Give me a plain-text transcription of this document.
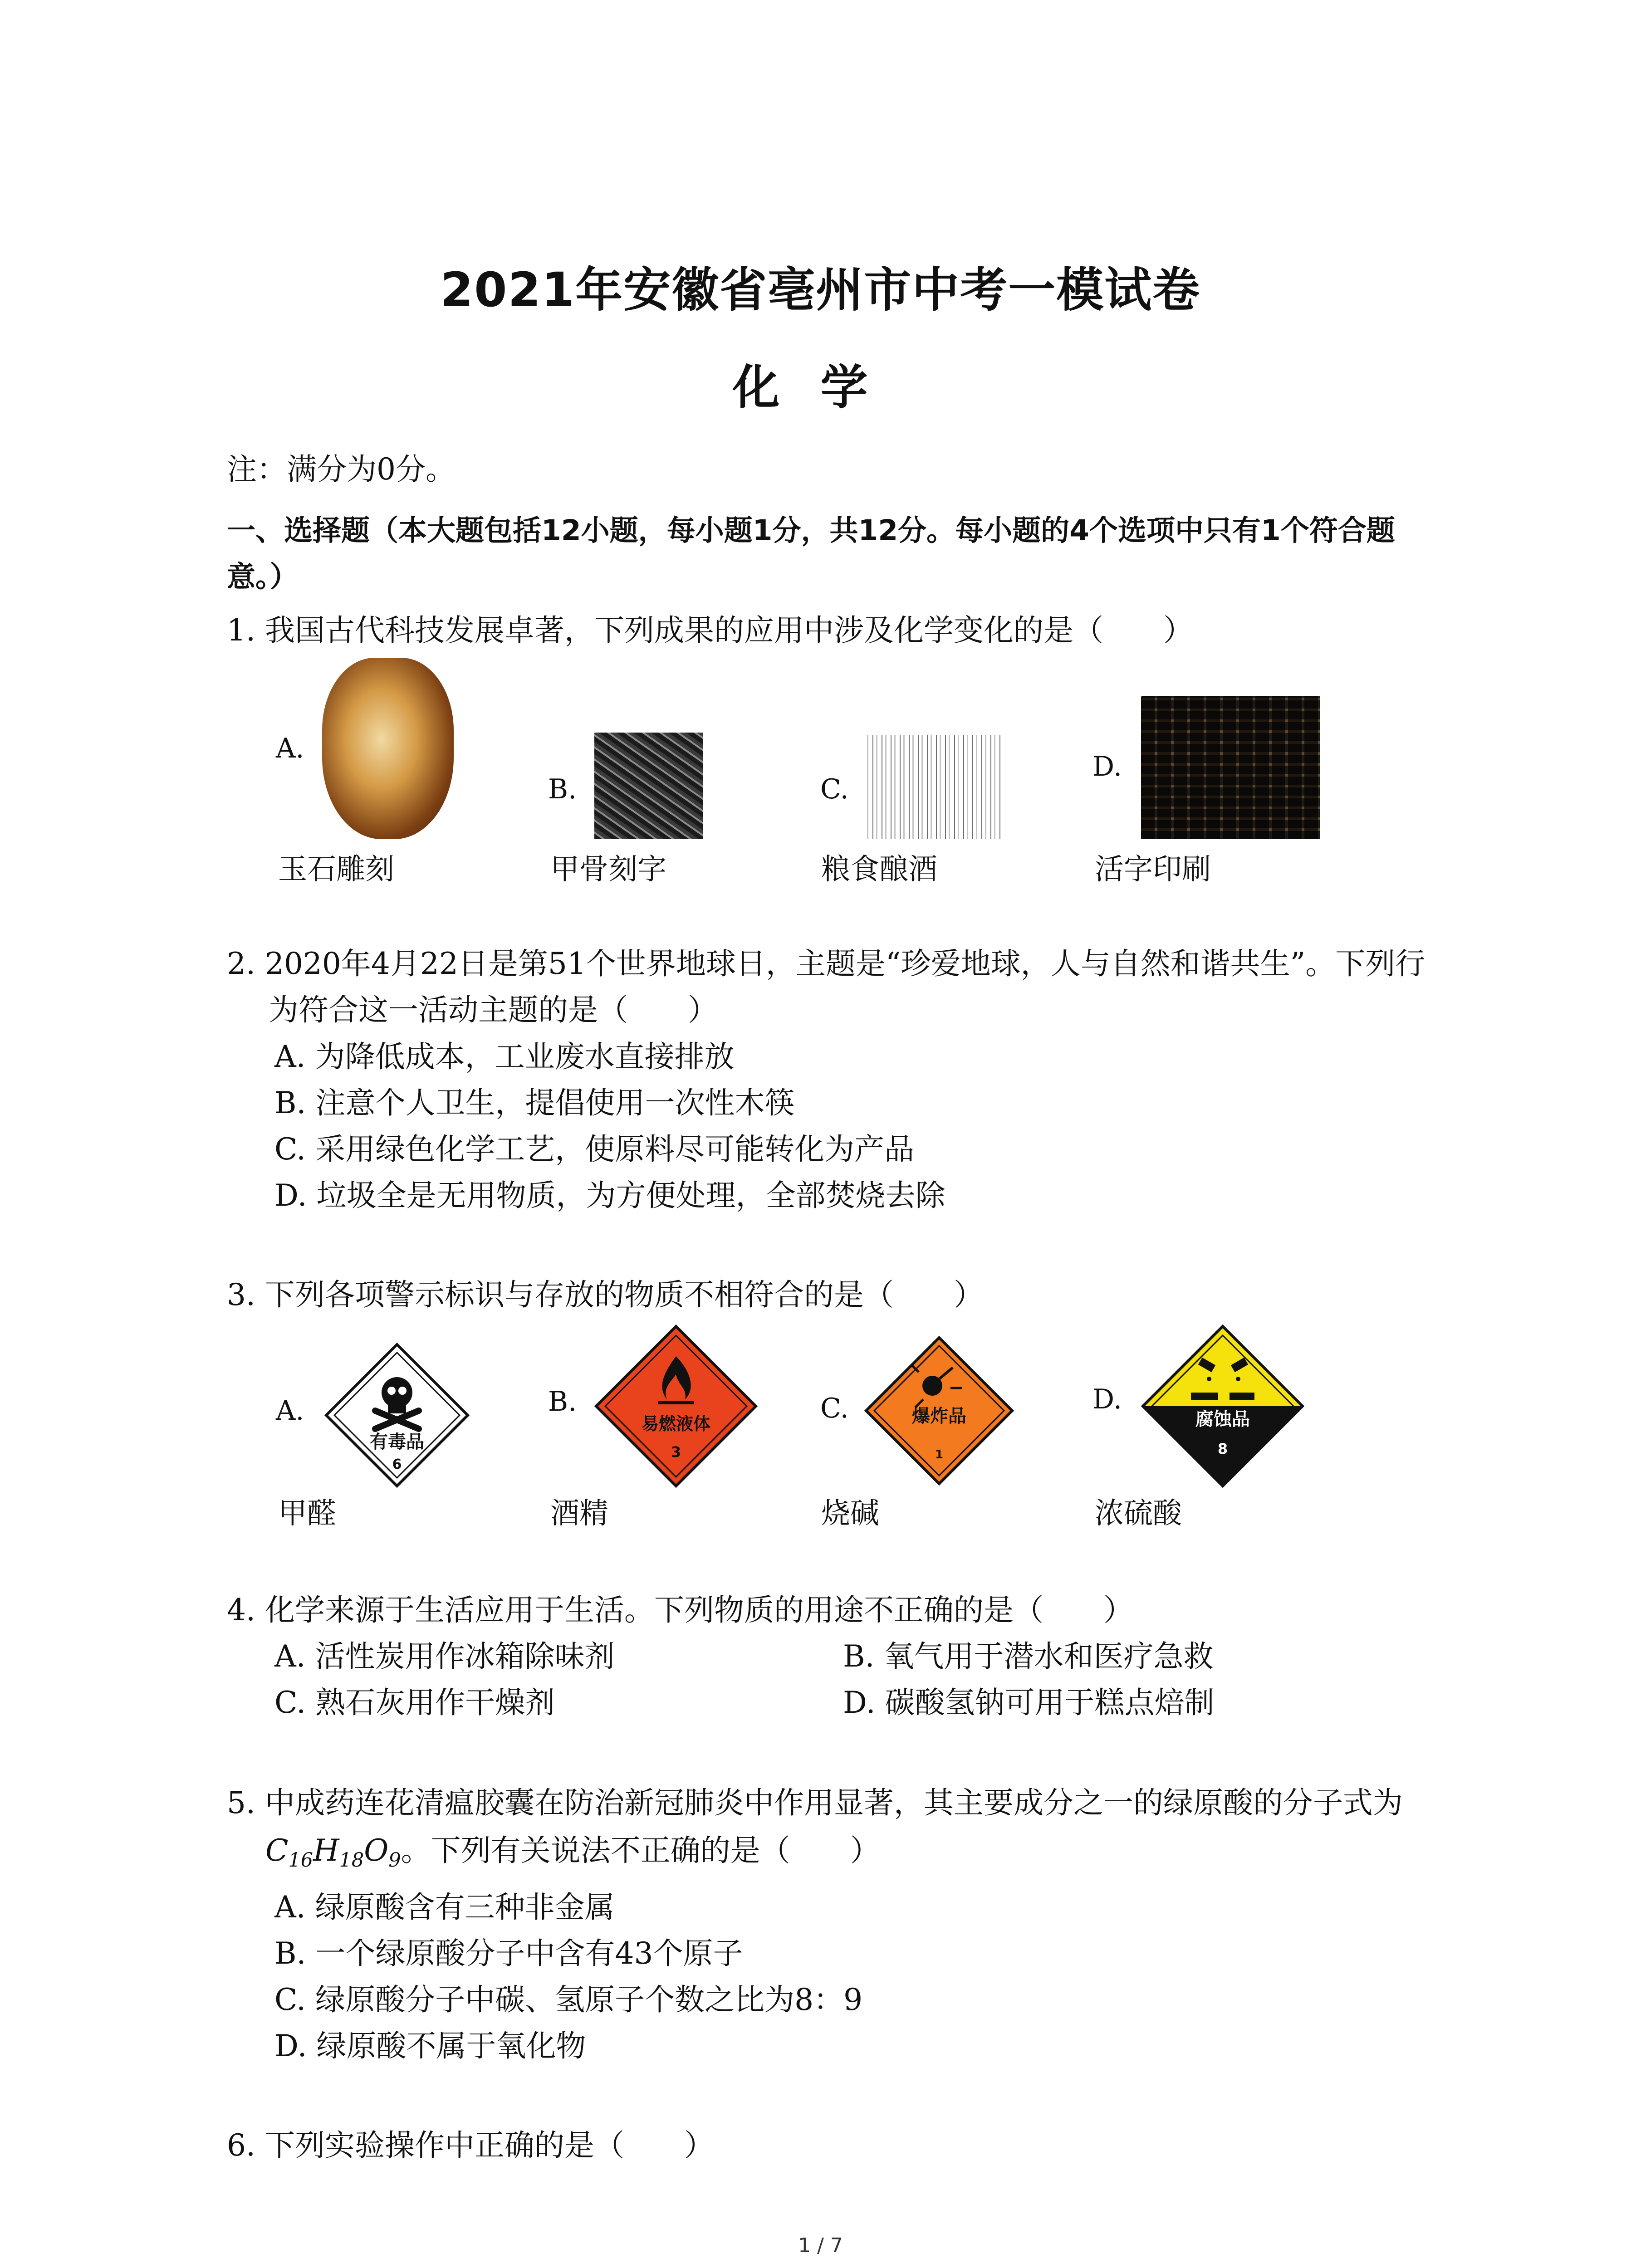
2021年安徽省亳州市中考一模试卷
化学
注：满分为0分。
一、选择题（本大题包括12小题，每小题1分，共12分。每小题的4个选项中只有1个符合题
意。）
1. 我国古代科技发展卓著，下列成果的应用中涉及化学变化的是（　　）
A.
玉石雕刻
B.
甲骨刻字
C.
粮食酿酒
D.
活字印刷
2. 2020年4月22日是第51个世界地球日，主题是“珍爱地球，人与自然和谐共生”。下列行
为符合这一活动主题的是（　　）
A. 为降低成本，工业废水直接排放
B. 注意个人卫生，提倡使用一次性木筷
C. 采用绿色化学工艺，使原料尽可能转化为产品
D. 垃圾全是无用物质，为方便处理，全部焚烧去除
3. 下列各项警示标识与存放的物质不相符合的是（　　）
A.
有毒品
6
甲醛
B.
易燃液体
3
酒精
C.	爆炸品
1
烧碱
D.
腐蚀品
8
浓硫酸
4. 化学来源于生活应用于生活。下列物质的用途不正确的是（　　）
A. 活性炭用作冰箱除味剂	B. 氧气用于潜水和医疗急救
C. 熟石灰用作干燥剂	D. 碳酸氢钠可用于糕点焙制
5. 中成药连花清瘟胶囊在防治新冠肺炎中作用显著，其主要成分之一的绿原酸的分子式为
$C_{16}H_{18}O_9$。下列有关说法不正确的是（　　）
A. 绿原酸含有三种非金属
B. 一个绿原酸分子中含有43个原子
C. 绿原酸分子中碳、氢原子个数之比为8：9
D. 绿原酸不属于氧化物
6. 下列实验操作中正确的是（　　）
1 / 7
